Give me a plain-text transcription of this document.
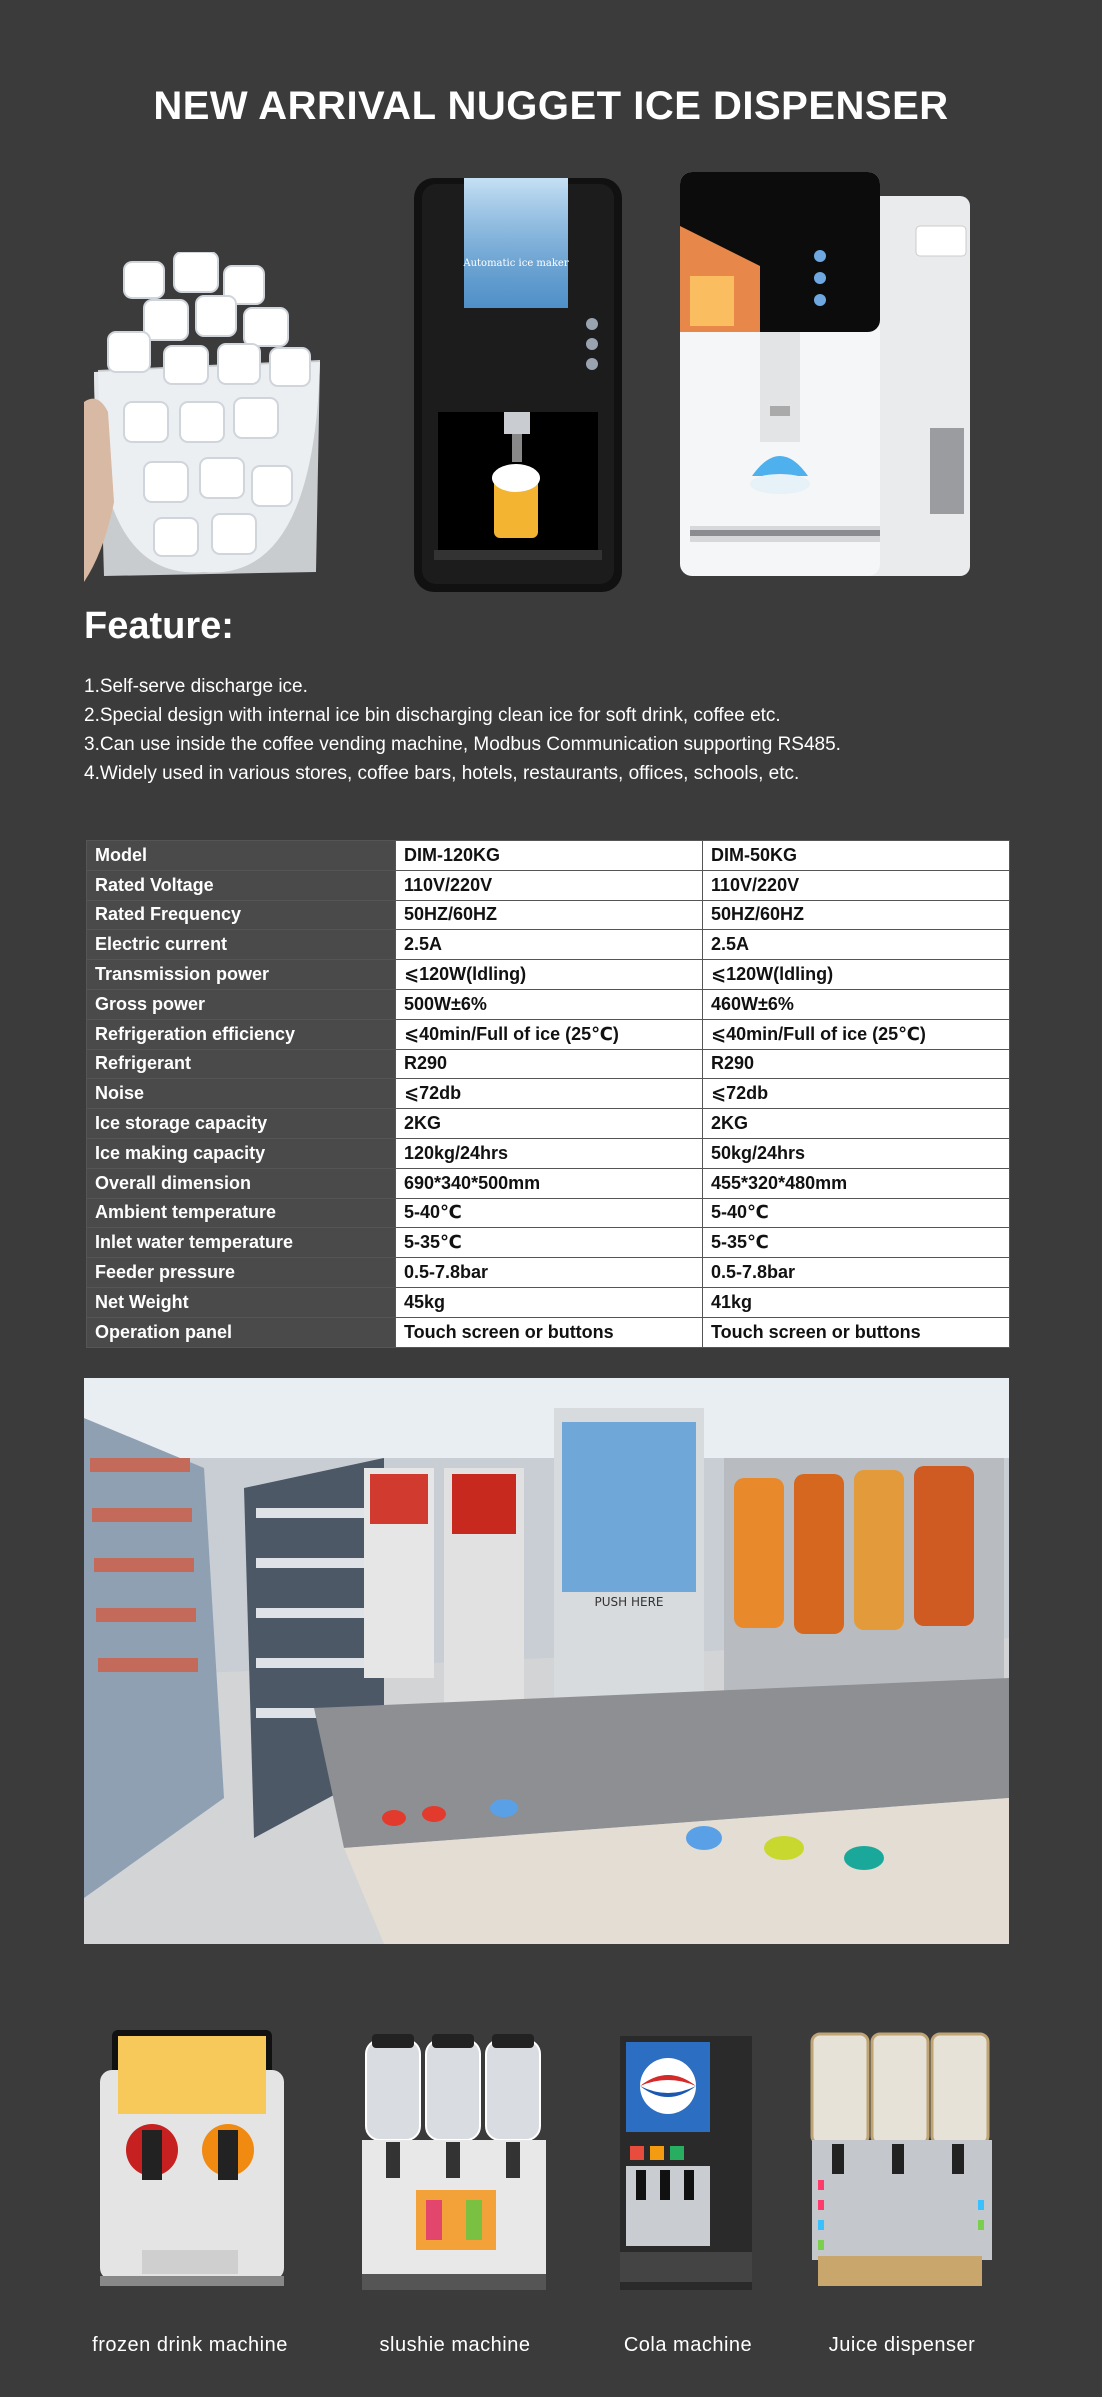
NEW ARRIVAL NUGGET ICE DISPENSER
Automatic ice maker
Feature:
1.Self-serve discharge ice.
2.Special design with internal ice bin discharging clean ice for soft drink, coffee etc.
3.Can use inside the coffee vending machine, Modbus Communication supporting RS485.
4.Widely used in various stores, coffee bars, hotels, restaurants, offices, schools, etc.
Model	DIM-120KG	DIM-50KG
Rated Voltage	110V/220V	110V/220V
Rated Frequency	50HZ/60HZ	50HZ/60HZ
Electric current	2.5A	2.5A
Transmission power	⩽120W(ldling)	⩽120W(ldling)
Gross power	500W±6%	460W±6%
Refrigeration efficiency	⩽40min/Full of ice (25℃)	⩽40min/Full of ice (25℃)
Refrigerant	R290	R290
Noise	⩽72db	⩽72db
Ice storage capacity	2KG	2KG
Ice making capacity	120kg/24hrs	50kg/24hrs
Overall dimension	690*340*500mm	455*320*480mm
Ambient temperature	5-40℃	5-40℃
Inlet water temperature	5-35℃	5-35℃
Feeder pressure	0.5-7.8bar	0.5-7.8bar
Net Weight	45kg	41kg
Operation panel	Touch screen or buttons	Touch screen or buttons
PUSH HERE
frozen drink machine	slushie machine	Cola machine	Juice dispenser
